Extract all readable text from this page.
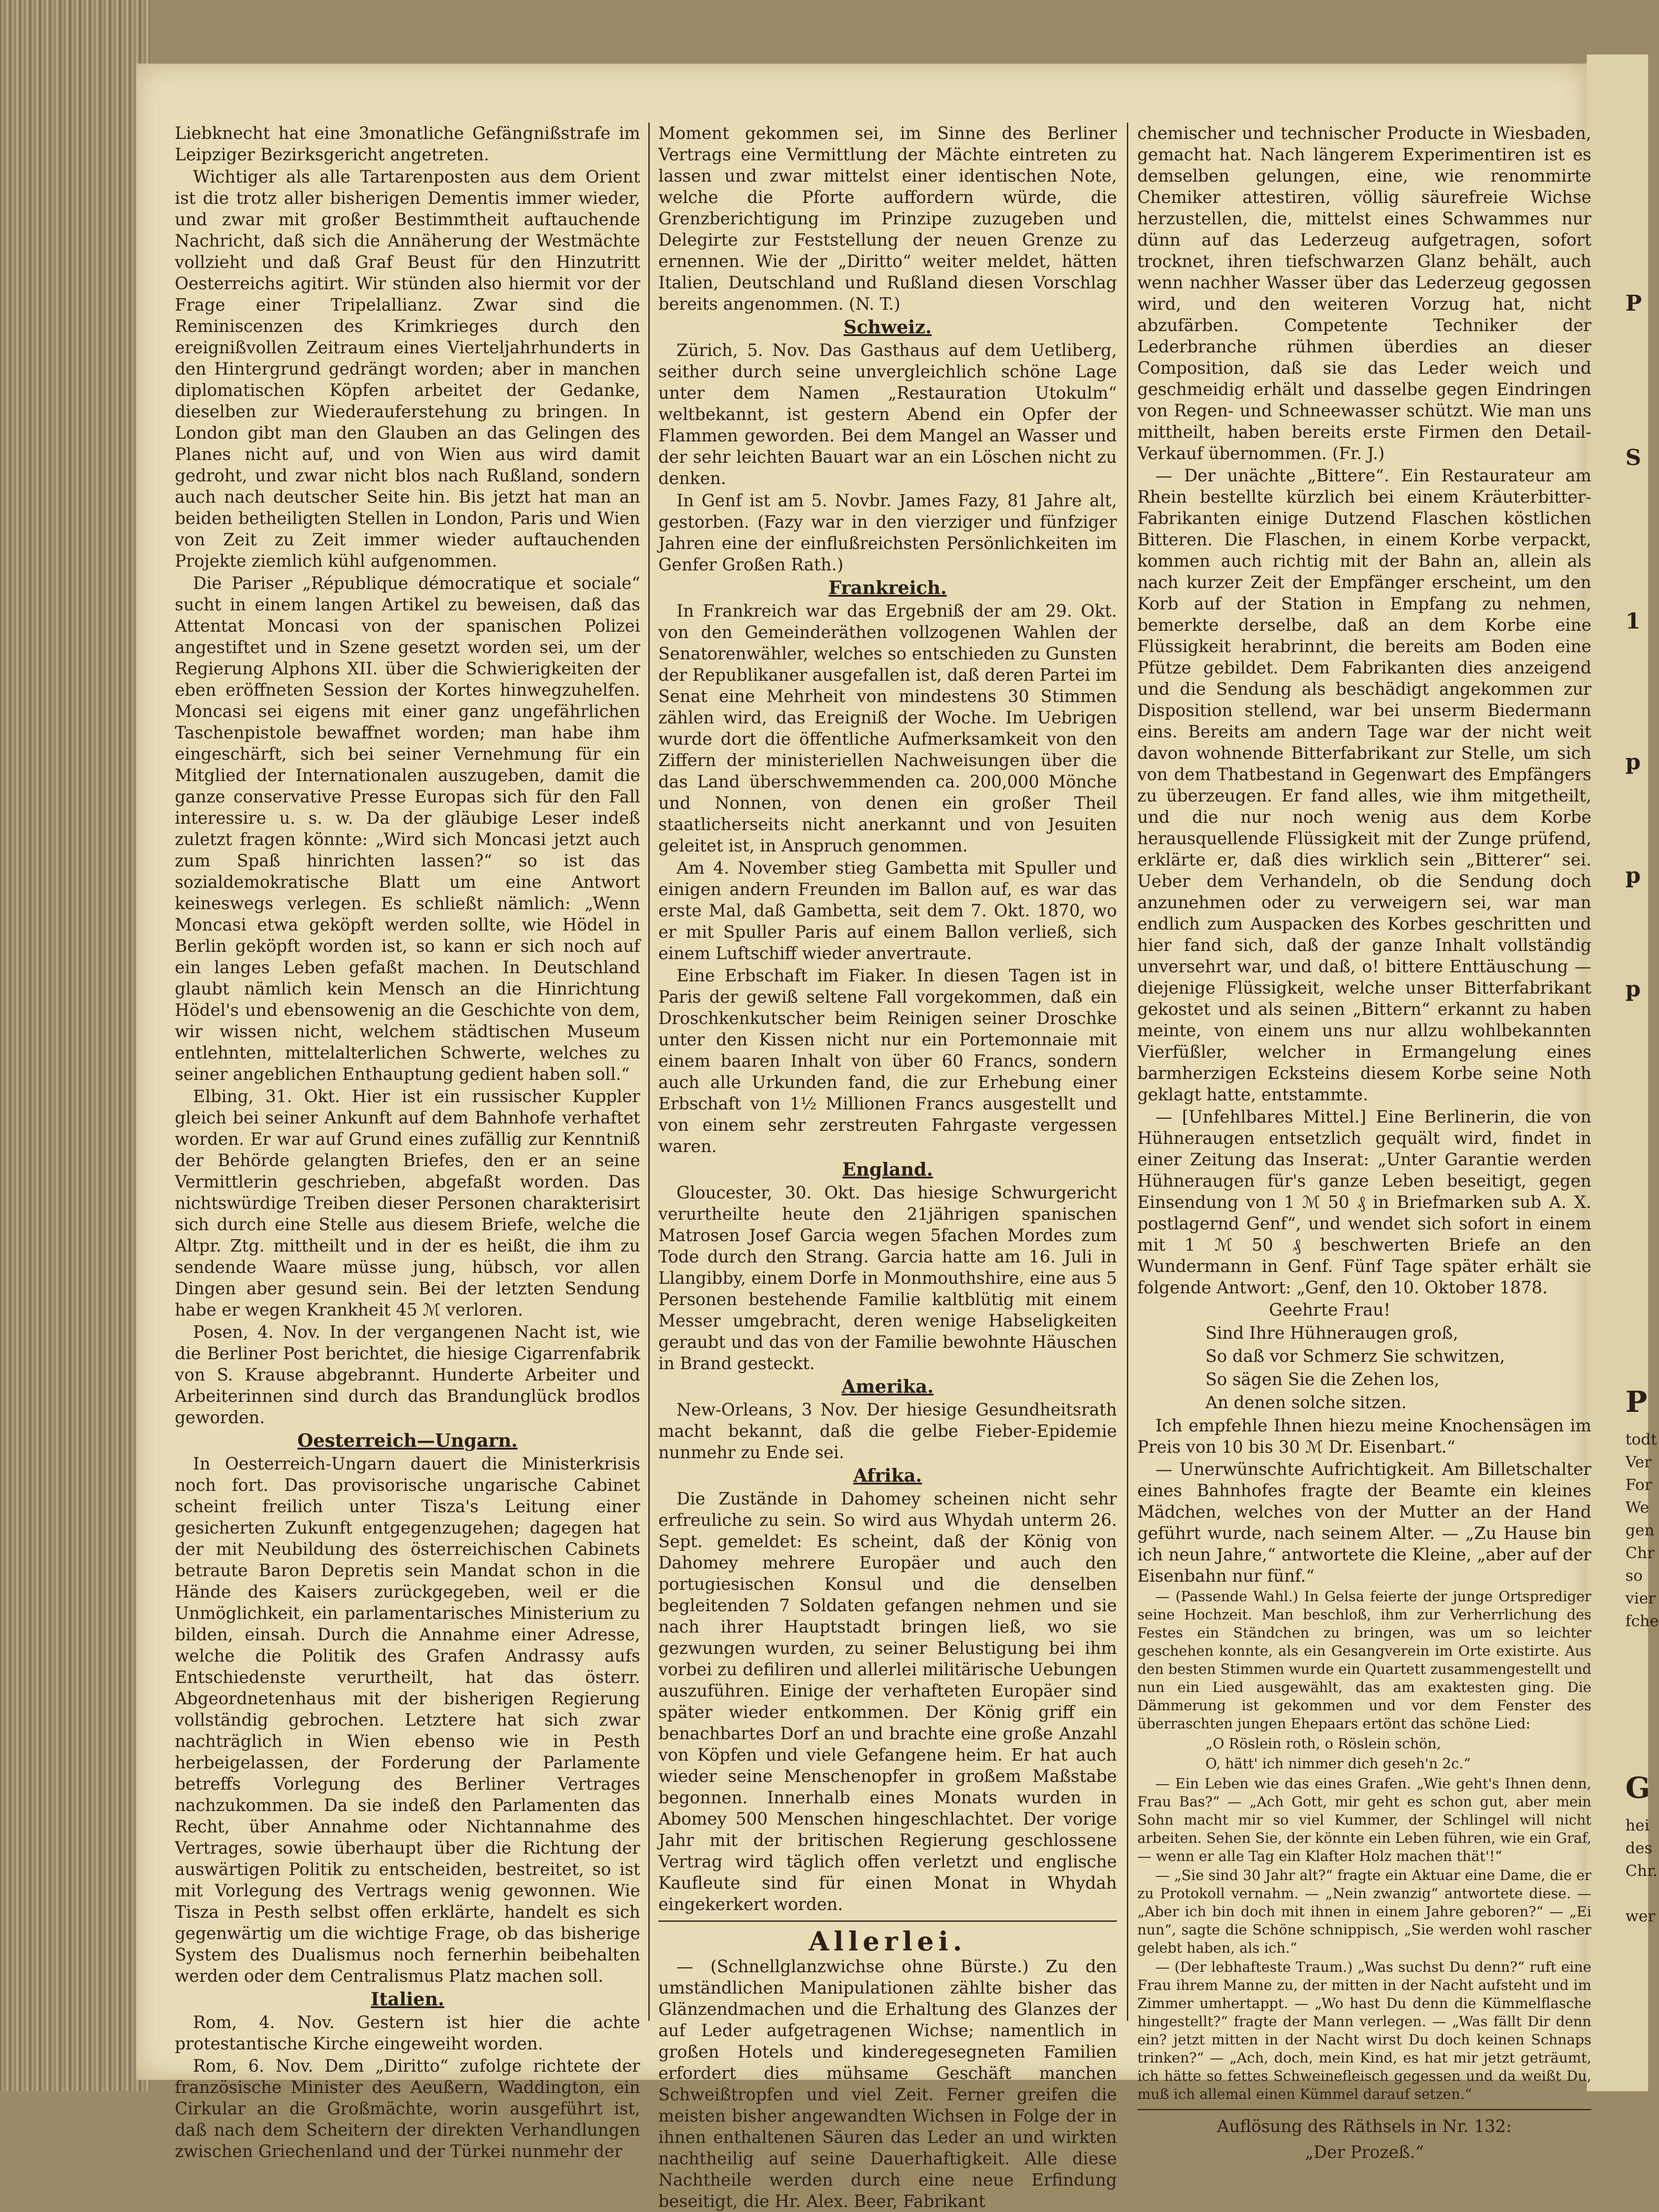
Liebknecht hat eine 3monatliche Gefängnißstrafe im Leipziger Bezirksgericht angetreten.

Wichtiger als alle Tartarenposten aus dem Orient ist die trotz aller bisherigen Dementis immer wieder, und zwar mit großer Bestimmtheit auftauchende Nachricht, daß sich die Annäherung der Westmächte vollzieht und daß Graf Beust für den Hinzutritt Oesterreichs agitirt. Wir stünden also hiermit vor der Frage einer Tripelallianz. Zwar sind die Reminiscenzen des Krimkrieges durch den ereignißvollen Zeitraum eines Vierteljahrhunderts in den Hintergrund gedrängt worden; aber in manchen diplomatischen Köpfen arbeitet der Gedanke, dieselben zur Wiederauferstehung zu bringen. In London gibt man den Glauben an das Gelingen des Planes nicht auf, und von Wien aus wird damit gedroht, und zwar nicht blos nach Rußland, sondern auch nach deutscher Seite hin. Bis jetzt hat man an beiden betheiligten Stellen in London, Paris und Wien von Zeit zu Zeit immer wieder auftauchenden Projekte ziemlich kühl aufgenommen.

Die Pariser „République démocratique et sociale“ sucht in einem langen Artikel zu beweisen, daß das Attentat Moncasi von der spanischen Polizei angestiftet und in Szene gesetzt worden sei, um der Regierung Alphons XII. über die Schwierigkeiten der eben eröffneten Session der Kortes hinwegzuhelfen. Moncasi sei eigens mit einer ganz ungefährlichen Taschenpistole bewaffnet worden; man habe ihm eingeschärft, sich bei seiner Vernehmung für ein Mitglied der Internationalen auszugeben, damit die ganze conservative Presse Europas sich für den Fall interessire u. s. w. Da der gläubige Leser indeß zuletzt fragen könnte: „Wird sich Moncasi jetzt auch zum Spaß hinrichten lassen?“ so ist das sozialdemokratische Blatt um eine Antwort keineswegs verlegen. Es schließt nämlich: „Wenn Moncasi etwa geköpft werden sollte, wie Hödel in Berlin geköpft worden ist, so kann er sich noch auf ein langes Leben gefaßt machen. In Deutschland glaubt nämlich kein Mensch an die Hinrichtung Hödel's und ebensowenig an die Geschichte von dem, wir wissen nicht, welchem städtischen Museum entlehnten, mittelalterlichen Schwerte, welches zu seiner angeblichen Enthauptung gedient haben soll.“

Elbing, 31. Okt. Hier ist ein russischer Kuppler gleich bei seiner Ankunft auf dem Bahnhofe verhaftet worden. Er war auf Grund eines zufällig zur Kenntniß der Behörde gelangten Briefes, den er an seine Vermittlerin geschrieben, abgefaßt worden. Das nichtswürdige Treiben dieser Personen charakterisirt sich durch eine Stelle aus diesem Briefe, welche die Altpr. Ztg. mittheilt und in der es heißt, die ihm zu sendende Waare müsse jung, hübsch, vor allen Dingen aber gesund sein. Bei der letzten Sendung habe er wegen Krankheit 45 ℳ verloren.

Posen, 4. Nov. In der vergangenen Nacht ist, wie die Berliner Post berichtet, die hiesige Cigarrenfabrik von S. Krause abgebrannt. Hunderte Arbeiter und Arbeiterinnen sind durch das Brandunglück brodlos geworden.

Oesterreich—Ungarn.

In Oesterreich-Ungarn dauert die Ministerkrisis noch fort. Das provisorische ungarische Cabinet scheint freilich unter Tisza's Leitung einer gesicherten Zukunft entgegenzugehen; dagegen hat der mit Neubildung des österreichischen Cabinets betraute Baron Depretis sein Mandat schon in die Hände des Kaisers zurückgegeben, weil er die Unmöglichkeit, ein parlamentarisches Ministerium zu bilden, einsah. Durch die Annahme einer Adresse, welche die Politik des Grafen Andrassy aufs Entschiedenste verurtheilt, hat das österr. Abgeordnetenhaus mit der bisherigen Regierung vollständig gebrochen. Letztere hat sich zwar nachträglich in Wien ebenso wie in Pesth herbeigelassen, der Forderung der Parlamente betreffs Vorlegung des Berliner Vertrages nachzukommen. Da sie indeß den Parlamenten das Recht, über Annahme oder Nichtannahme des Vertrages, sowie überhaupt über die Richtung der auswärtigen Politik zu entscheiden, bestreitet, so ist mit Vorlegung des Vertrags wenig gewonnen. Wie Tisza in Pesth selbst offen erklärte, handelt es sich gegenwärtig um die wichtige Frage, ob das bisherige System des Dualismus noch fernerhin beibehalten werden oder dem Centralismus Platz machen soll.

Italien.

Rom, 4. Nov. Gestern ist hier die achte protestantische Kirche eingeweiht worden.

Rom, 6. Nov. Dem „Diritto“ zufolge richtete der französische Minister des Aeußern, Waddington, ein Cirkular an die Großmächte, worin ausgeführt ist, daß nach dem Scheitern der direkten Verhandlungen zwischen Griechenland und der Türkei nunmehr der

Moment gekommen sei, im Sinne des Berliner Vertrags eine Vermittlung der Mächte eintreten zu lassen und zwar mittelst einer identischen Note, welche die Pforte auffordern würde, die Grenzberichtigung im Prinzipe zuzugeben und Delegirte zur Feststellung der neuen Grenze zu ernennen. Wie der „Diritto“ weiter meldet, hätten Italien, Deutschland und Rußland diesen Vorschlag bereits angenommen. (N. T.)

Schweiz.

Zürich, 5. Nov. Das Gasthaus auf dem Uetliberg, seither durch seine unvergleichlich schöne Lage unter dem Namen „Restauration Utokulm“ weltbekannt, ist gestern Abend ein Opfer der Flammen geworden. Bei dem Mangel an Wasser und der sehr leichten Bauart war an ein Löschen nicht zu denken.

In Genf ist am 5. Novbr. James Fazy, 81 Jahre alt, gestorben. (Fazy war in den vierziger und fünfziger Jahren eine der einflußreichsten Persönlichkeiten im Genfer Großen Rath.)

Frankreich.

In Frankreich war das Ergebniß der am 29. Okt. von den Gemeinderäthen vollzogenen Wahlen der Senatorenwähler, welches so entschieden zu Gunsten der Republikaner ausgefallen ist, daß deren Partei im Senat eine Mehrheit von mindestens 30 Stimmen zählen wird, das Ereigniß der Woche. Im Uebrigen wurde dort die öffentliche Aufmerksamkeit von den Ziffern der ministeriellen Nachweisungen über die das Land überschwemmenden ca. 200,000 Mönche und Nonnen, von denen ein großer Theil staatlicherseits nicht anerkannt und von Jesuiten geleitet ist, in Anspruch genommen.

Am 4. November stieg Gambetta mit Spuller und einigen andern Freunden im Ballon auf, es war das erste Mal, daß Gambetta, seit dem 7. Okt. 1870, wo er mit Spuller Paris auf einem Ballon verließ, sich einem Luftschiff wieder anvertraute.

Eine Erbschaft im Fiaker. In diesen Tagen ist in Paris der gewiß seltene Fall vorgekommen, daß ein Droschkenkutscher beim Reinigen seiner Droschke unter den Kissen nicht nur ein Portemonnaie mit einem baaren Inhalt von über 60 Francs, sondern auch alle Urkunden fand, die zur Erhebung einer Erbschaft von 1½ Millionen Francs ausgestellt und von einem sehr zerstreuten Fahrgaste vergessen waren.

England.

Gloucester, 30. Okt. Das hiesige Schwurgericht verurtheilte heute den 21jährigen spanischen Matrosen Josef Garcia wegen 5fachen Mordes zum Tode durch den Strang. Garcia hatte am 16. Juli in Llangibby, einem Dorfe in Monmouthshire, eine aus 5 Personen bestehende Familie kaltblütig mit einem Messer umgebracht, deren wenige Habseligkeiten geraubt und das von der Familie bewohnte Häuschen in Brand gesteckt.

Amerika.

New-Orleans, 3 Nov. Der hiesige Gesundheitsrath macht bekannt, daß die gelbe Fieber-Epidemie nunmehr zu Ende sei.

Afrika.

Die Zustände in Dahomey scheinen nicht sehr erfreuliche zu sein. So wird aus Whydah unterm 26. Sept. gemeldet: Es scheint, daß der König von Dahomey mehrere Europäer und auch den portugiesischen Konsul und die denselben begleitenden 7 Soldaten gefangen nehmen und sie nach ihrer Hauptstadt bringen ließ, wo sie gezwungen wurden, zu seiner Belustigung bei ihm vorbei zu defiliren und allerlei militärische Uebungen auszuführen. Einige der verhafteten Europäer sind später wieder entkommen. Der König griff ein benachbartes Dorf an und brachte eine große Anzahl von Köpfen und viele Gefangene heim. Er hat auch wieder seine Menschenopfer in großem Maßstabe begonnen. Innerhalb eines Monats wurden in Abomey 500 Menschen hingeschlachtet. Der vorige Jahr mit der britischen Regierung geschlossene Vertrag wird täglich offen verletzt und englische Kaufleute sind für einen Monat in Whydah eingekerkert worden.

Allerlei.

— (Schnellglanzwichse ohne Bürste.) Zu den umständlichen Manipulationen zählte bisher das Glänzendmachen und die Erhaltung des Glanzes der auf Leder aufgetragenen Wichse; namentlich in großen Hotels und kinderegesegneten Familien erfordert dies mühsame Geschäft manchen Schweißtropfen und viel Zeit. Ferner greifen die meisten bisher angewandten Wichsen in Folge der in ihnen enthaltenen Säuren das Leder an und wirkten nachtheilig auf seine Dauerhaftigkeit. Alle diese Nachtheile werden durch eine neue Erfindung beseitigt, die Hr. Alex. Beer, Fabrikant

chemischer und technischer Producte in Wiesbaden, gemacht hat. Nach längerem Experimentiren ist es demselben gelungen, eine, wie renommirte Chemiker attestiren, völlig säurefreie Wichse herzustellen, die, mittelst eines Schwammes nur dünn auf das Lederzeug aufgetragen, sofort trocknet, ihren tiefschwarzen Glanz behält, auch wenn nachher Wasser über das Lederzeug gegossen wird, und den weiteren Vorzug hat, nicht abzufärben. Competente Techniker der Lederbranche rühmen überdies an dieser Composition, daß sie das Leder weich und geschmeidig erhält und dasselbe gegen Eindringen von Regen- und Schneewasser schützt. Wie man uns mittheilt, haben bereits erste Firmen den Detail-Verkauf übernommen. (Fr. J.)

— Der unächte „Bittere“. Ein Restaurateur am Rhein bestellte kürzlich bei einem Kräuterbitter-Fabrikanten einige Dutzend Flaschen köstlichen Bitteren. Die Flaschen, in einem Korbe verpackt, kommen auch richtig mit der Bahn an, allein als nach kurzer Zeit der Empfänger erscheint, um den Korb auf der Station in Empfang zu nehmen, bemerkte derselbe, daß an dem Korbe eine Flüssigkeit herabrinnt, die bereits am Boden eine Pfütze gebildet. Dem Fabrikanten dies anzeigend und die Sendung als beschädigt angekommen zur Disposition stellend, war bei unserm Biedermann eins. Bereits am andern Tage war der nicht weit davon wohnende Bitterfabrikant zur Stelle, um sich von dem Thatbestand in Gegenwart des Empfängers zu überzeugen. Er fand alles, wie ihm mitgetheilt, und die nur noch wenig aus dem Korbe herausquellende Flüssigkeit mit der Zunge prüfend, erklärte er, daß dies wirklich sein „Bitterer“ sei. Ueber dem Verhandeln, ob die Sendung doch anzunehmen oder zu verweigern sei, war man endlich zum Auspacken des Korbes geschritten und hier fand sich, daß der ganze Inhalt vollständig unversehrt war, und daß, o! bittere Enttäuschung — diejenige Flüssigkeit, welche unser Bitterfabrikant gekostet und als seinen „Bittern“ erkannt zu haben meinte, von einem uns nur allzu wohlbekannten Vierfüßler, welcher in Ermangelung eines barmherzigen Ecksteins diesem Korbe seine Noth geklagt hatte, entstammte.

— [Unfehlbares Mittel.] Eine Berlinerin, die von Hühneraugen entsetzlich gequält wird, findet in einer Zeitung das Inserat: „Unter Garantie werden Hühneraugen für's ganze Leben beseitigt, gegen Einsendung von 1 ℳ 50 ₰ in Briefmarken sub A. X. postlagernd Genf“, und wendet sich sofort in einem mit 1 ℳ 50 ₰ beschwerten Briefe an den Wundermann in Genf. Fünf Tage später erhält sie folgende Antwort: „Genf, den 10. Oktober 1878.

Geehrte Frau!

Sind Ihre Hühneraugen groß,
So daß vor Schmerz Sie schwitzen,
So sägen Sie die Zehen los,
An denen solche sitzen.

Ich empfehle Ihnen hiezu meine Knochensägen im Preis von 10 bis 30 ℳ Dr. Eisenbart.“

— Unerwünschte Aufrichtigkeit. Am Billetschalter eines Bahnhofes fragte der Beamte ein kleines Mädchen, welches von der Mutter an der Hand geführt wurde, nach seinem Alter. — „Zu Hause bin ich neun Jahre,“ antwortete die Kleine, „aber auf der Eisenbahn nur fünf.“

— (Passende Wahl.) In Gelsa feierte der junge Ortsprediger seine Hochzeit. Man beschloß, ihm zur Verherrlichung des Festes ein Ständchen zu bringen, was um so leichter geschehen konnte, als ein Gesangverein im Orte existirte. Aus den besten Stimmen wurde ein Quartett zusammengestellt und nun ein Lied ausgewählt, das am exaktesten ging. Die Dämmerung ist gekommen und vor dem Fenster des überraschten jungen Ehepaars ertönt das schöne Lied:

„O Röslein roth, o Röslein schön,
O, hätt' ich nimmer dich geseh'n 2c.“

— Ein Leben wie das eines Grafen. „Wie geht's Ihnen denn, Frau Bas?“ — „Ach Gott, mir geht es schon gut, aber mein Sohn macht mir so viel Kummer, der Schlingel will nicht arbeiten. Sehen Sie, der könnte ein Leben führen, wie ein Graf, — wenn er alle Tag ein Klafter Holz machen thät'!“

— „Sie sind 30 Jahr alt?“ fragte ein Aktuar eine Dame, die er zu Protokoll vernahm. — „Nein zwanzig“ antwortete diese. — „Aber ich bin doch mit ihnen in einem Jahre geboren?“ — „Ei nun“, sagte die Schöne schnippisch, „Sie werden wohl rascher gelebt haben, als ich.“

— (Der lebhafteste Traum.) „Was suchst Du denn?“ ruft eine Frau ihrem Manne zu, der mitten in der Nacht aufsteht und im Zimmer umhertappt. — „Wo hast Du denn die Kümmelflasche hingestellt?“ fragte der Mann verlegen. — „Was fällt Dir denn ein? jetzt mitten in der Nacht wirst Du doch keinen Schnaps trinken?“ — „Ach, doch, mein Kind, es hat mir jetzt geträumt, ich hätte so fettes Schweinefleisch gegessen und da weißt Du, muß ich allemal einen Kümmel darauf setzen.“

Auflösung des Räthsels in Nr. 132:
„Der Prozeß.“
P
S
1
p
p
p
P
todt
Ver
For
We
gen
Chr
so
vier
fche
G
hei
des
Chr.
wer
